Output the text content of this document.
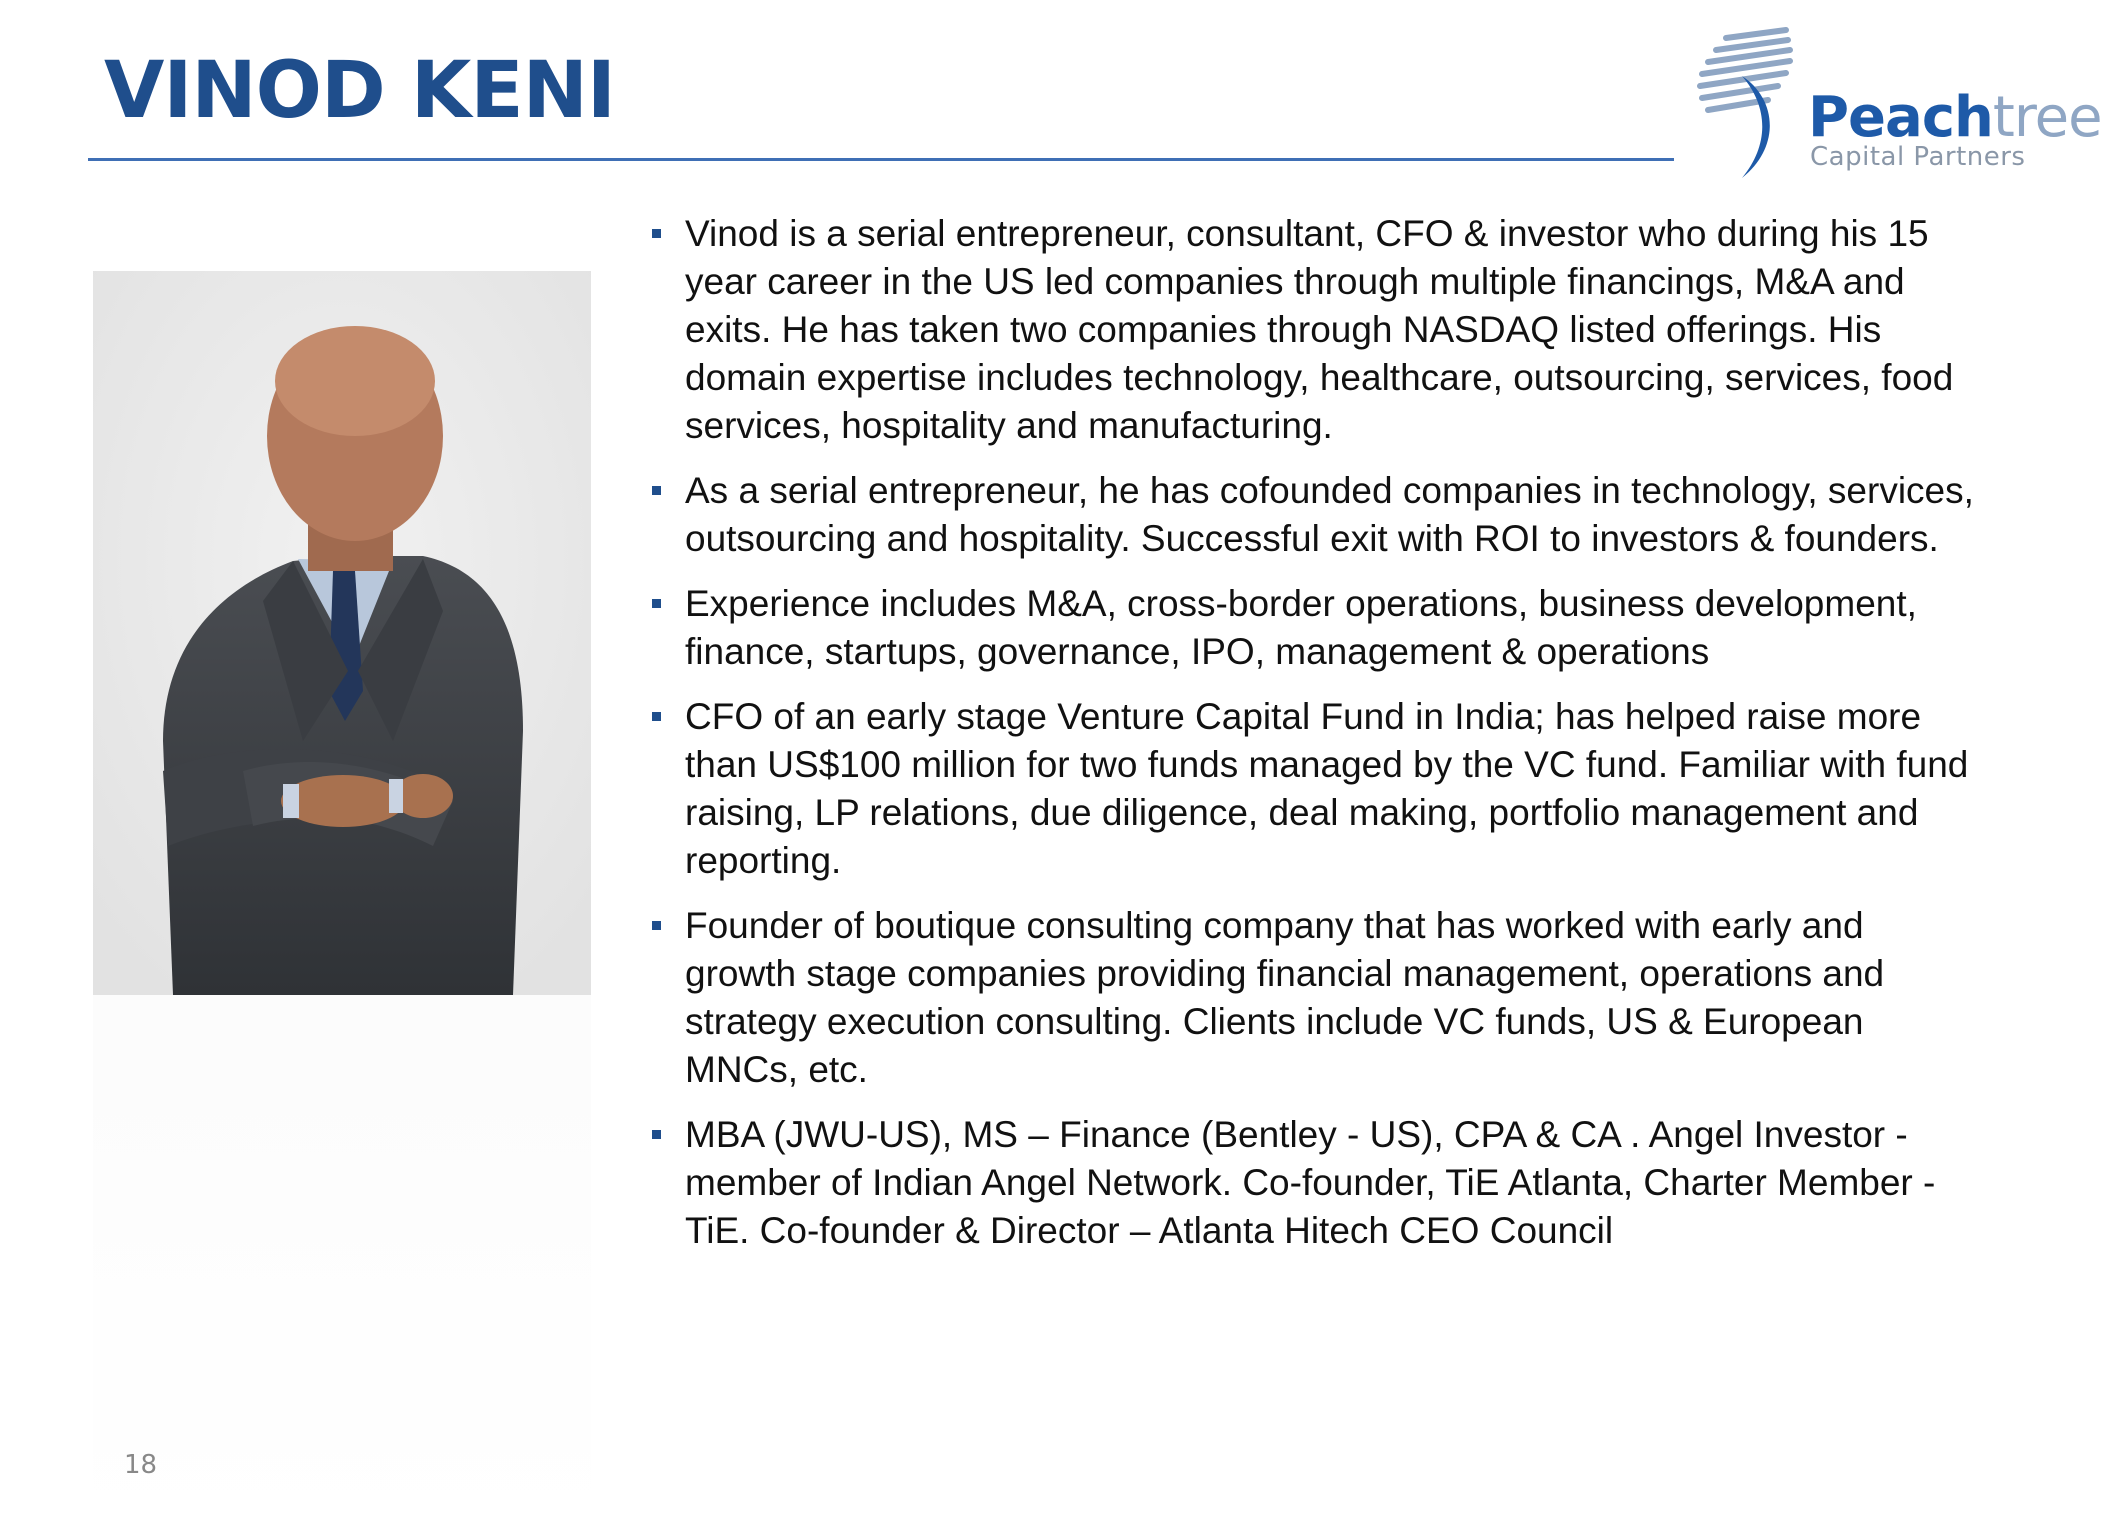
VINOD KENI	Peachtree
Capital Partners
Vinod is a serial entrepreneur, consultant, CFO & investor who during his 15 year career in the US led companies through multiple financings, M&A and exits. He has taken two companies through NASDAQ listed offerings. His domain expertise includes technology, healthcare, outsourcing, services, food services, hospitality and manufacturing.
As a serial entrepreneur, he has cofounded companies in technology, services, outsourcing and hospitality. Successful exit with ROI to investors & founders.
Experience includes M&A, cross-border operations, business development, finance, startups, governance, IPO, management & operations
CFO of an early stage Venture Capital Fund in India; has helped raise more than US$100 million for two funds managed by the VC fund. Familiar with fund raising, LP relations, due diligence, deal making, portfolio management and reporting.
Founder of boutique consulting company that has worked with early and growth stage companies providing financial management, operations and strategy execution consulting. Clients include VC funds, US & European MNCs, etc.
MBA (JWU-US), MS – Finance (Bentley - US), CPA & CA . Angel Investor - member of Indian Angel Network. Co-founder, TiE Atlanta, Charter Member - TiE. Co-founder & Director – Atlanta Hitech CEO Council
18
